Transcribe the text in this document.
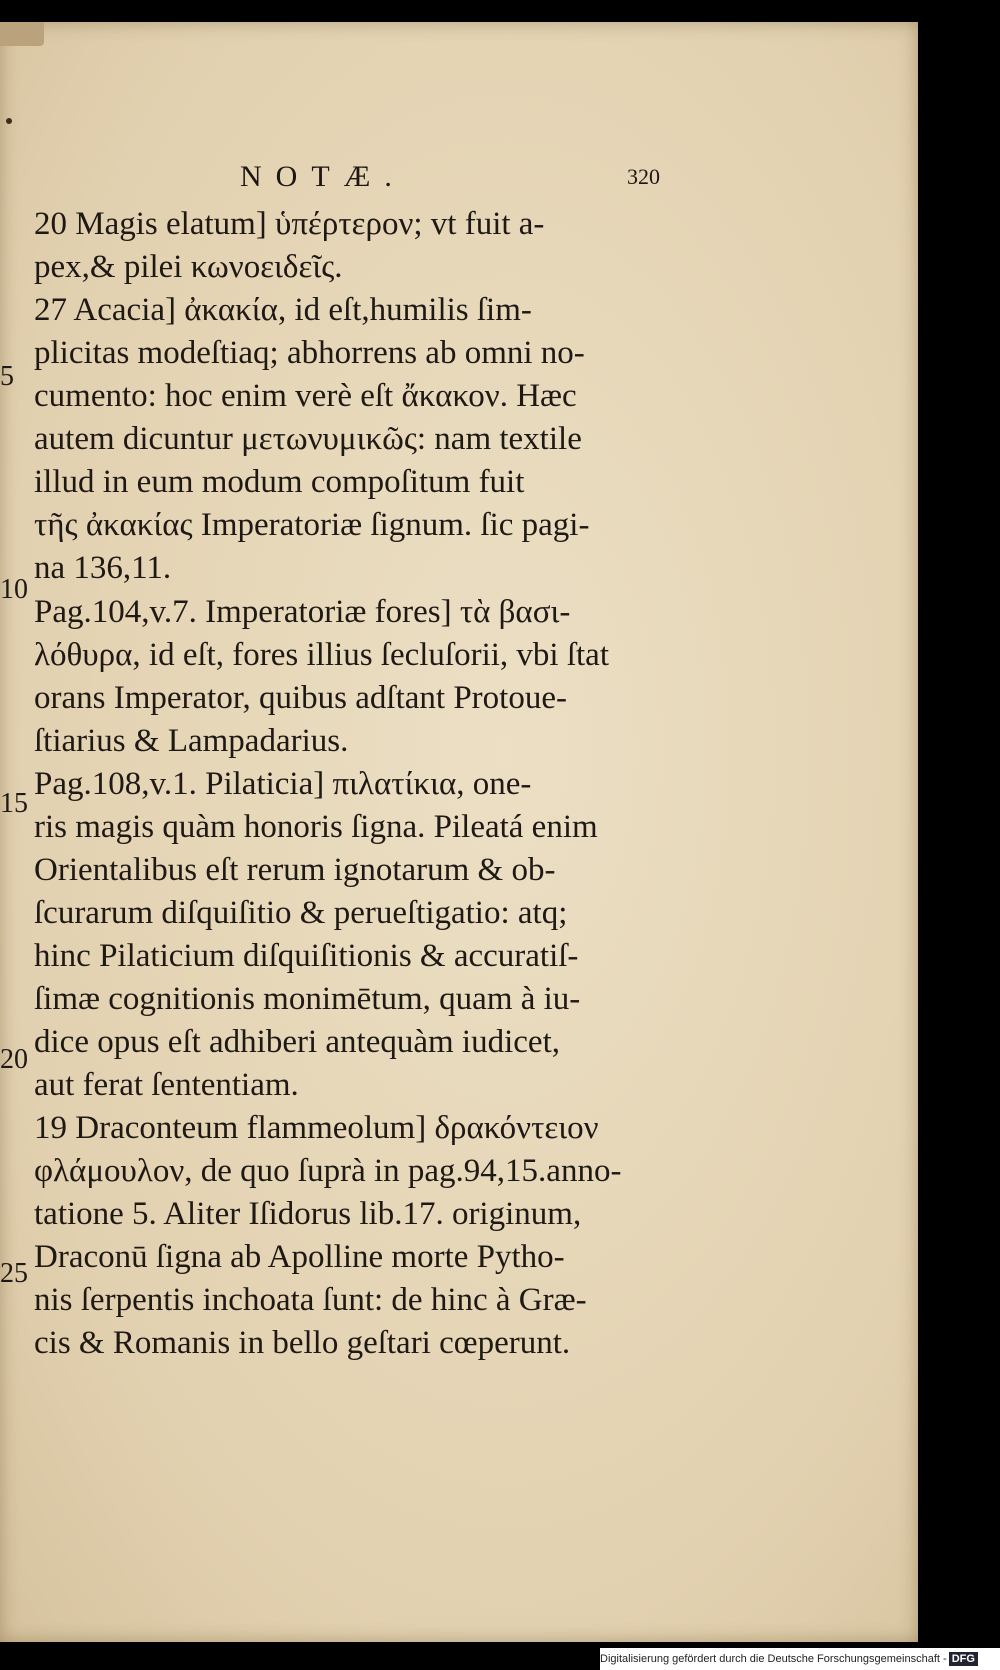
NOTÆ.	320
5
10
15
20
25
20 Magis elatum] ὑπέρτερον; vt fuit a-
pex,& pilei κωνοειδεῖς.
27 Acacia] ἀκακία, id eſt,humilis ſim-
plicitas modeſtiaq; abhorrens ab omni no-
cumento: hoc enim verè eſt ἄκακον. Hæc
autem dicuntur μετωνυμικῶς: nam textile
illud in eum modum compoſitum fuit
τῆς ἀκακίας Imperatoriæ ſignum. ſic pagi-
na 136,11.
Pag.104,v.7. Imperatoriæ fores] τὰ βασι-
λόθυρα, id eſt, fores illius ſecluſorii, vbi ſtat
orans Imperator, quibus adſtant Protoue-
ſtiarius & Lampadarius.
Pag.108,v.1. Pilaticia] πιλατίκια, one-
ris magis quàm honoris ſigna. Pileatá enim
Orientalibus eſt rerum ignotarum & ob-
ſcurarum diſquiſitio & perueſtigatio: atq;
hinc Pilaticium diſquiſitionis & accuratiſ-
ſimæ cognitionis monimētum, quam à iu-
dice opus eſt adhiberi antequàm iudicet,
aut ferat ſententiam.
19 Draconteum flammeolum] δρακόντειον
φλάμουλον, de quo ſuprà in pag.94,15.anno-
tatione 5. Aliter Iſidorus lib.17. originum,
Draconū ſigna ab Apolline morte Pytho-
nis ſerpentis inchoata ſunt: de hinc à Græ-
cis & Romanis in bello geſtari cœperunt.
Digitalisierung gefördert durch die Deutsche Forschungsgemeinschaft - DFG
